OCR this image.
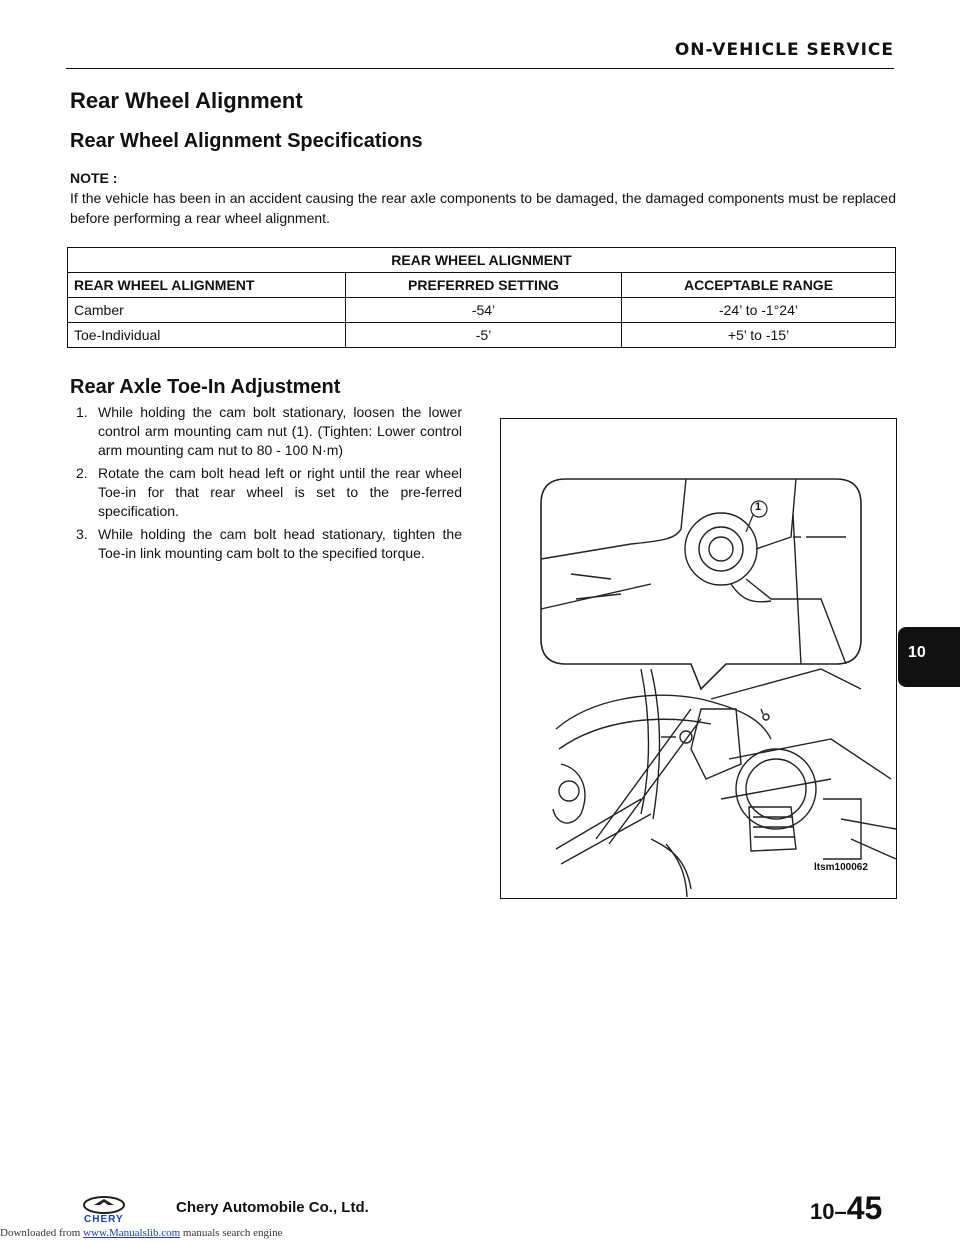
ON-VEHICLE SERVICE
Rear Wheel Alignment
Rear Wheel Alignment Specifications
NOTE :
If the vehicle has been in an accident causing the rear axle components to be damaged, the damaged components must be replaced before performing a rear wheel alignment.
REAR WHEEL ALIGNMENT		
REAR WHEEL ALIGNMENT	PREFERRED SETTING	ACCEPTABLE RANGE
Camber	-54’	-24’ to -1°24’
Toe-Individual	-5’	+5’ to -15’
Rear Axle Toe-In Adjustment
1. While holding the cam bolt stationary, loosen the lower control arm mounting cam nut (1). (Tighten: Lower control arm mounting cam nut to 80 - 100 N·m)
2. Rotate the cam bolt head left or right until the rear wheel Toe-in for that rear wheel is set to the pre-ferred specification.
3. While holding the cam bolt head stationary, tighten the Toe-in link mounting cam bolt to the specified torque.
1
ltsm100062
10
CHERY
Chery Automobile Co., Ltd.	10–45
Downloaded from www.Manualslib.com manuals search engine
